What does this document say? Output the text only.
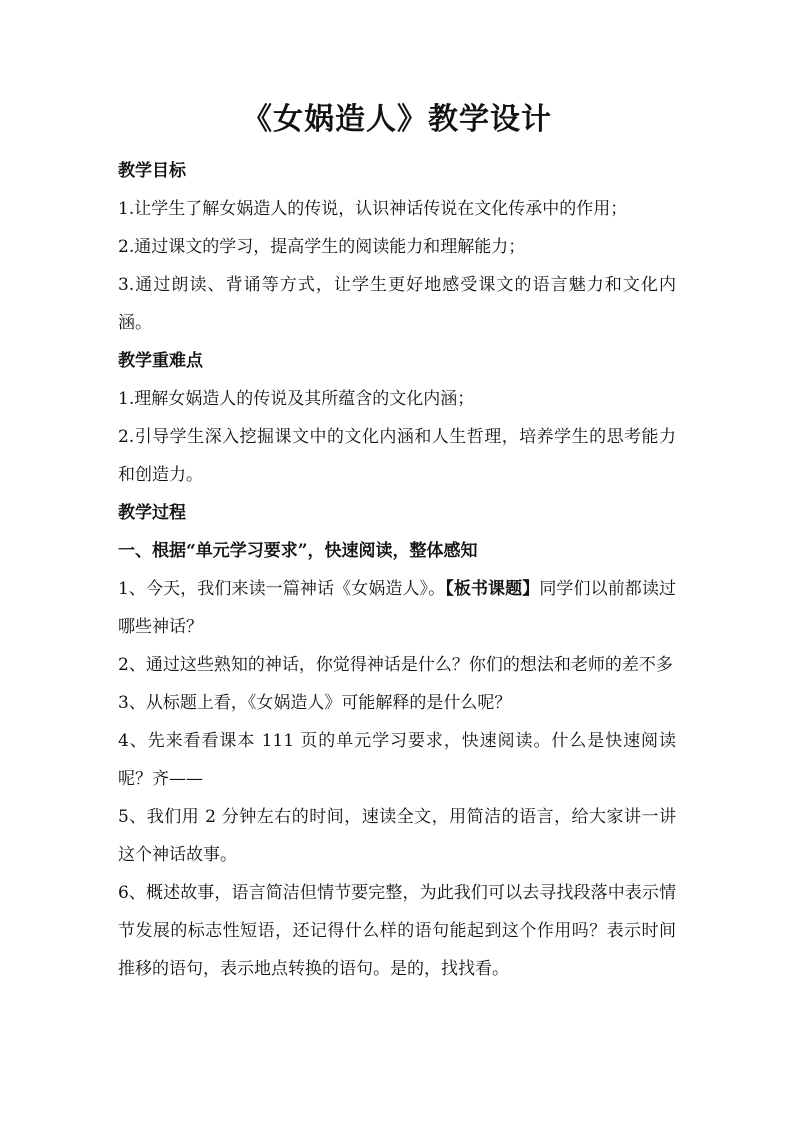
《女娲造人》教学设计

教学目标

1.让学生了解女娲造人的传说，认识神话传说在文化传承中的作用；

2.通过课文的学习，提高学生的阅读能力和理解能力；

3.通过朗读、背诵等方式，让学生更好地感受课文的语言魅力和文化内涵。

教学重难点

1.理解女娲造人的传说及其所蕴含的文化内涵；

2.引导学生深入挖掘课文中的文化内涵和人生哲理，培养学生的思考能力和创造力。

教学过程

一、根据“单元学习要求”，快速阅读，整体感知

1、今天，我们来读一篇神话《女娲造人》。【板书课题】同学们以前都读过哪些神话？

2、通过这些熟知的神话，你觉得神话是什么？你们的想法和老师的差不多

3、从标题上看，《女娲造人》可能解释的是什么呢？

4、先来看看课本 111 页的单元学习要求，快速阅读。什么是快速阅读呢？齐——

5、我们用 2 分钟左右的时间，速读全文，用简洁的语言，给大家讲一讲这个神话故事。

6、概述故事，语言简洁但情节要完整，为此我们可以去寻找段落中表示情节发展的标志性短语，还记得什么样的语句能起到这个作用吗？表示时间推移的语句，表示地点转换的语句。是的，找找看。
